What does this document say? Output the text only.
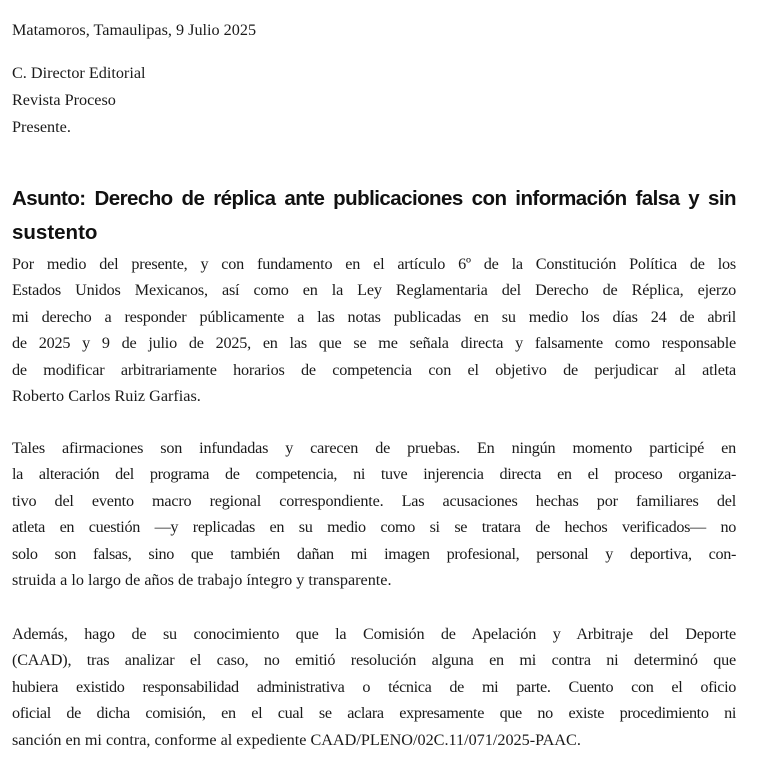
Matamoros, Tamaulipas, 9 Julio 2025
C. Director Editorial
Revista Proceso
Presente.
Asunto: Derecho de réplica ante publicaciones con información falsa y sin
sustento
Por medio del presente, y con fundamento en el artículo 6º de la Constitución Política de los
Estados Unidos Mexicanos, así como en la Ley Reglamentaria del Derecho de Réplica, ejerzo
mi derecho a responder públicamente a las notas publicadas en su medio los días 24 de abril
de 2025 y 9 de julio de 2025, en las que se me señala directa y falsamente como responsable
de modificar arbitrariamente horarios de competencia con el objetivo de perjudicar al atleta
Roberto Carlos Ruiz Garfias.
Tales afirmaciones son infundadas y carecen de pruebas. En ningún momento participé en
la alteración del programa de competencia, ni tuve injerencia directa en el proceso organiza-
tivo del evento macro regional correspondiente. Las acusaciones hechas por familiares del
atleta en cuestión —y replicadas en su medio como si se tratara de hechos verificados— no
solo son falsas, sino que también dañan mi imagen profesional, personal y deportiva, con-
struida a lo largo de años de trabajo íntegro y transparente.
Además, hago de su conocimiento que la Comisión de Apelación y Arbitraje del Deporte
(CAAD), tras analizar el caso, no emitió resolución alguna en mi contra ni determinó que
hubiera existido responsabilidad administrativa o técnica de mi parte. Cuento con el oficio
oficial de dicha comisión, en el cual se aclara expresamente que no existe procedimiento ni
sanción en mi contra, conforme al expediente CAAD/PLENO/02C.11/071/2025-PAAC.
